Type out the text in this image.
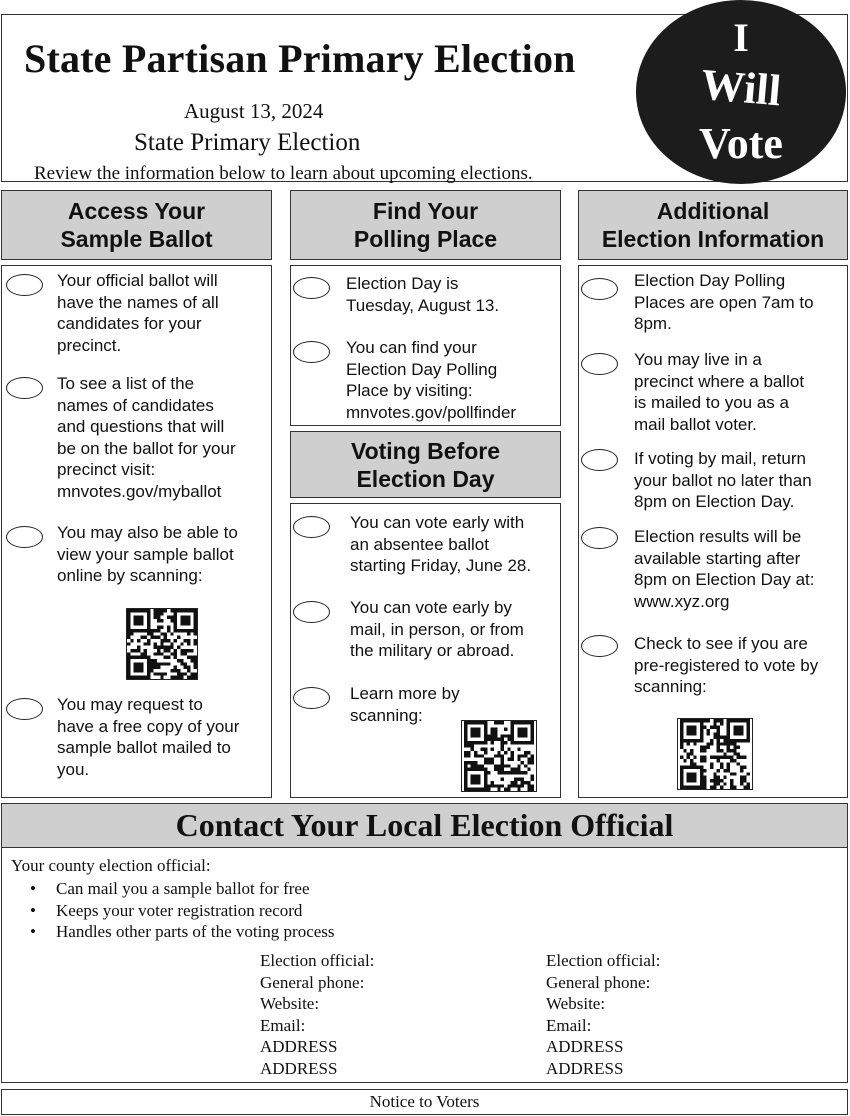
State Partisan Primary Election
August 13, 2024
State Primary Election
Review the information below to learn about upcoming elections.
I
Will
Vote
Access Your
Sample Ballot
Your official ballot will
have the names of all
candidates for your
precinct.
To see a list of the
names of candidates
and questions that will
be on the ballot for your
precinct visit:
mnvotes.gov/myballot
You may also be able to
view your sample ballot
online by scanning:
You may request to
have a free copy of your
sample ballot mailed to
you.
Find Your
Polling Place
Election Day is
Tuesday, August 13.
You can find your
Election Day Polling
Place by visiting:
mnvotes.gov/pollfinder
Voting Before
Election Day
You can vote early with
an absentee ballot
starting Friday, June 28.
You can vote early by
mail, in person, or from
the military or abroad.
Learn more by
scanning:
Additional
Election Information
Election Day Polling
Places are open 7am to
8pm.
You may live in a
precinct where a ballot
is mailed to you as a
mail ballot voter.
If voting by mail, return
your ballot no later than
8pm on Election Day.
Election results will be
available starting after
8pm on Election Day at:
www.xyz.org
Check to see if you are
pre-registered to vote by
scanning:
Contact Your Local Election Official
Your county election official:
• Can mail you a sample ballot for free
• Keeps your voter registration record
• Handles other parts of the voting process
Election official:
General phone:
Website:
Email:
ADDRESS
ADDRESS
Election official:
General phone:
Website:
Email:
ADDRESS
ADDRESS
Notice to Voters
